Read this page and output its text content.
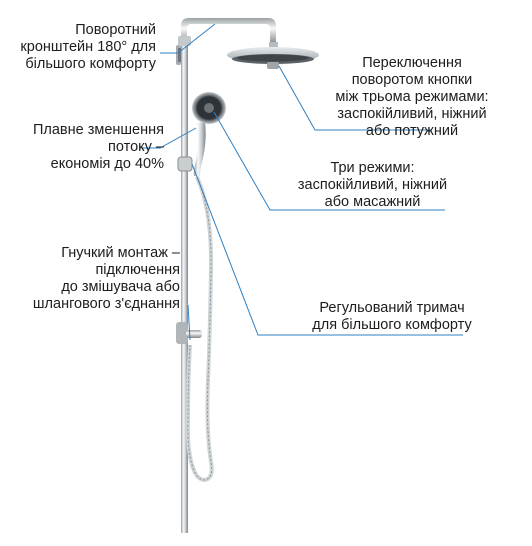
Поворотний
кронштейн 180° для
більшого комфорту	Переключення
поворотом кнопки
між трьома режимами:
заспокійливий, ніжний
або потужний
Плавне зменшення
потоку –
економія до 40%	Три режими:
заспокійливий, ніжний
або масажний
Гнучкий монтаж –
підключення
до змішувача або
шлангового з'єднання	Регульований тримач
для більшого комфорту
